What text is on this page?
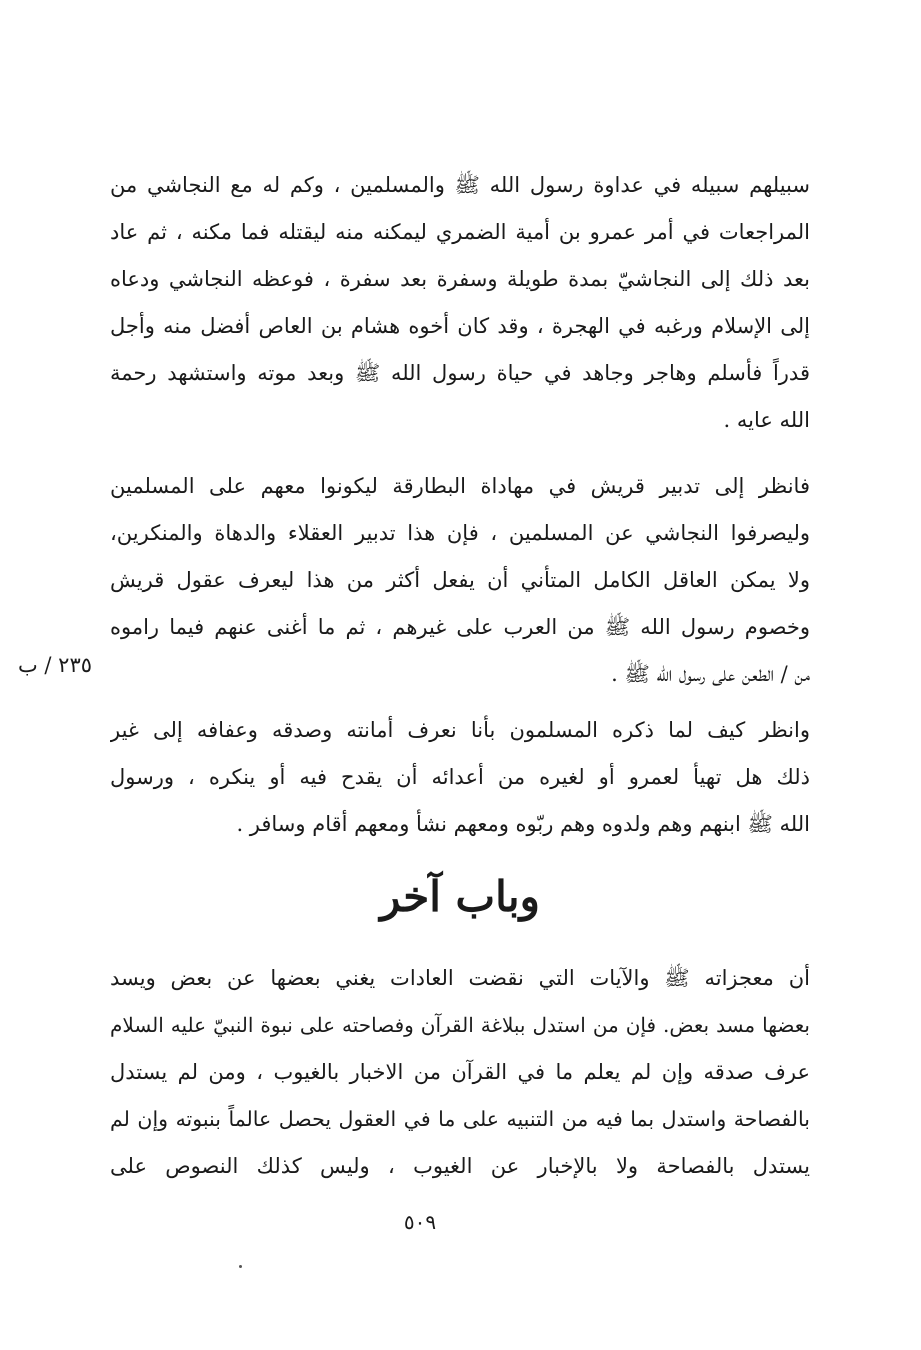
سبيلهم سبيله في عداوة رسول الله ﷺ والمسلمين ، وكم له مع النجاشي من
المراجعات في أمر عمرو بن أمية الضمري ليمكنه منه ليقتله فما مكنه ، ثم عاد
بعد ذلك إلى النجاشيّ بمدة طويلة وسفرة بعد سفرة ، فوعظه النجاشي ودعاه
إلى الإسلام ورغبه في الهجرة ، وقد كان أخوه هشام بن العاص أفضل منه وأجل
قدراً فأسلم وهاجر وجاهد في حياة رسول الله ﷺ وبعد موته واستشهد رحمة
الله عايه .
فانظر إلى تدبير قريش في مهاداة البطارقة ليكونوا معهم على المسلمين
وليصرفوا النجاشي عن المسلمين ، فإن هذا تدبير العقلاء والدهاة والمنكرين،
ولا يمكن العاقل الكامل المتأني أن يفعل أكثر من هذا ليعرف عقول قريش
وخصوم رسول الله ﷺ من العرب على غيرهم ، ثم ما أغنى عنهم فيما راموه
من / الطعن على رسول الله ﷺ .
٢٣٥ / ب
وانظر كيف لما ذكره المسلمون بأنا نعرف أمانته وصدقه وعفافه إلى غير
ذلك هل تهيأ لعمرو أو لغيره من أعدائه أن يقدح فيه أو ينكره ، ورسول
الله ﷺ ابنهم وهم ولدوه وهم ربّوه ومعهم نشأ ومعهم أقام وسافر .
وباب آخر
أن معجزاته ﷺ والآيات التي نقضت العادات يغني بعضها عن بعض ويسد
بعضها مسد بعض. فإن من استدل ببلاغة القرآن وفصاحته على نبوة النبيّ عليه السلام
عرف صدقه وإن لم يعلم ما في القرآن من الاخبار بالغيوب ، ومن لم يستدل
بالفصاحة واستدل بما فيه من التنبيه على ما في العقول يحصل عالماً بنبوته وإن لم
يستدل بالفصاحة ولا بالإخبار عن الغيوب ، وليس كذلك النصوص على
٥٠٩
